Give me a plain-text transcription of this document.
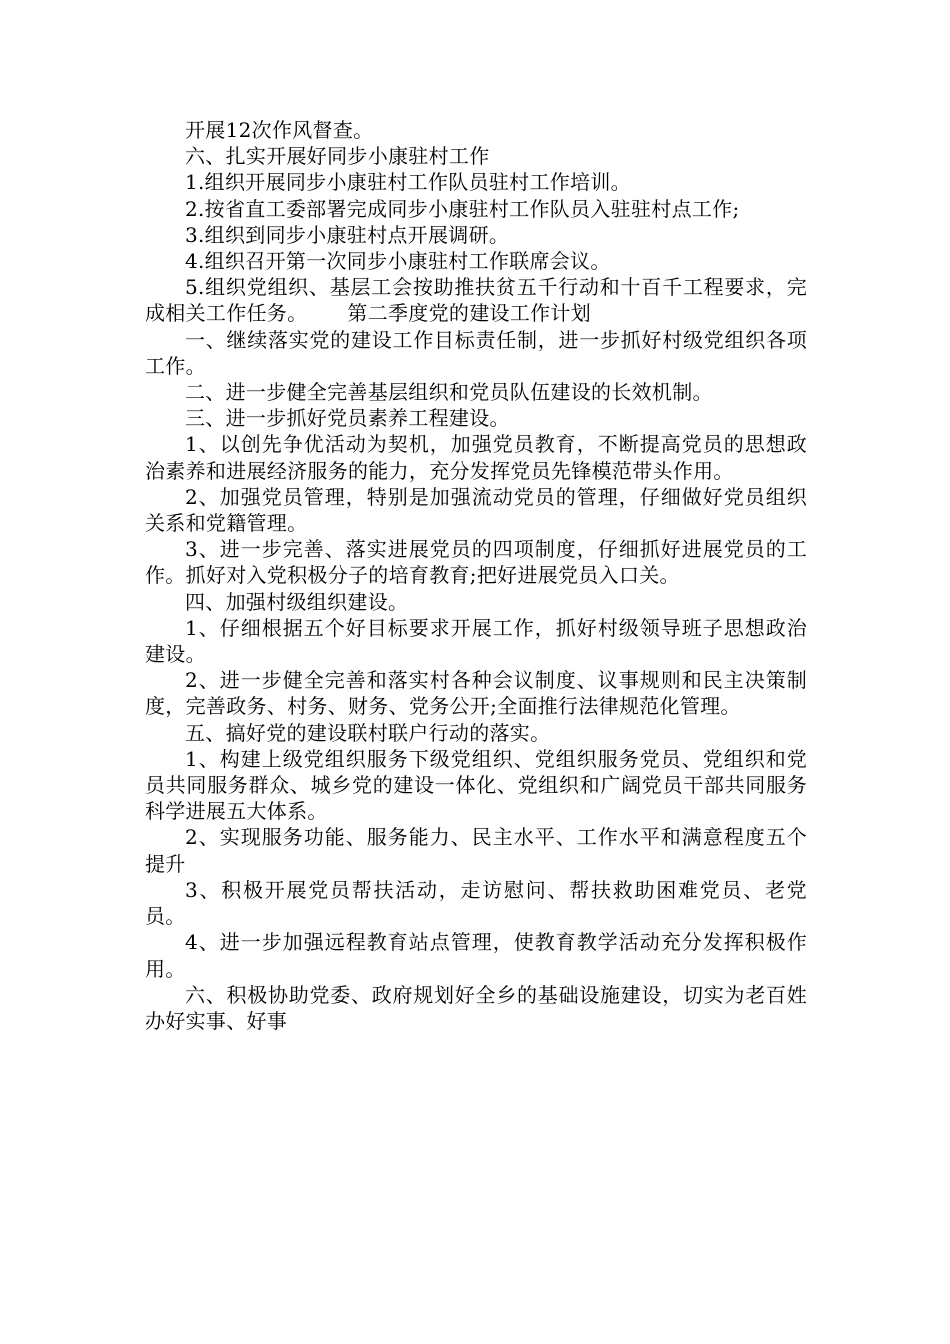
开展12次作风督查。

六、扎实开展好同步小康驻村工作

1.组织开展同步小康驻村工作队员驻村工作培训。

2.按省直工委部署完成同步小康驻村工作队员入驻驻村点工作;

3.组织到同步小康驻村点开展调研。

4.组织召开第一次同步小康驻村工作联席会议。

5.组织党组织、基层工会按助推扶贫五千行动和十百千工程要求，完成相关工作任务。 第二季度党的建设工作计划

一、继续落实党的建设工作目标责任制，进一步抓好村级党组织各项工作。

二、进一步健全完善基层组织和党员队伍建设的长效机制。

三、进一步抓好党员素养工程建设。

1、以创先争优活动为契机，加强党员教育，不断提高党员的思想政治素养和进展经济服务的能力，充分发挥党员先锋模范带头作用。

2、加强党员管理，特别是加强流动党员的管理，仔细做好党员组织关系和党籍管理。

3、进一步完善、落实进展党员的四项制度，仔细抓好进展党员的工作。抓好对入党积极分子的培育教育;把好进展党员入口关。

四、加强村级组织建设。

1、仔细根据五个好目标要求开展工作，抓好村级领导班子思想政治建设。

2、进一步健全完善和落实村各种会议制度、议事规则和民主决策制度，完善政务、村务、财务、党务公开;全面推行法律规范化管理。

五、搞好党的建设联村联户行动的落实。

1、构建上级党组织服务下级党组织、党组织服务党员、党组织和党员共同服务群众、城乡党的建设一体化、党组织和广阔党员干部共同服务科学进展五大体系。

2、实现服务功能、服务能力、民主水平、工作水平和满意程度五个提升

3、积极开展党员帮扶活动，走访慰问、帮扶救助困难党员、老党员。

4、进一步加强远程教育站点管理，使教育教学活动充分发挥积极作用。

六、积极协助党委、政府规划好全乡的基础设施建设，切实为老百姓办好实事、好事
